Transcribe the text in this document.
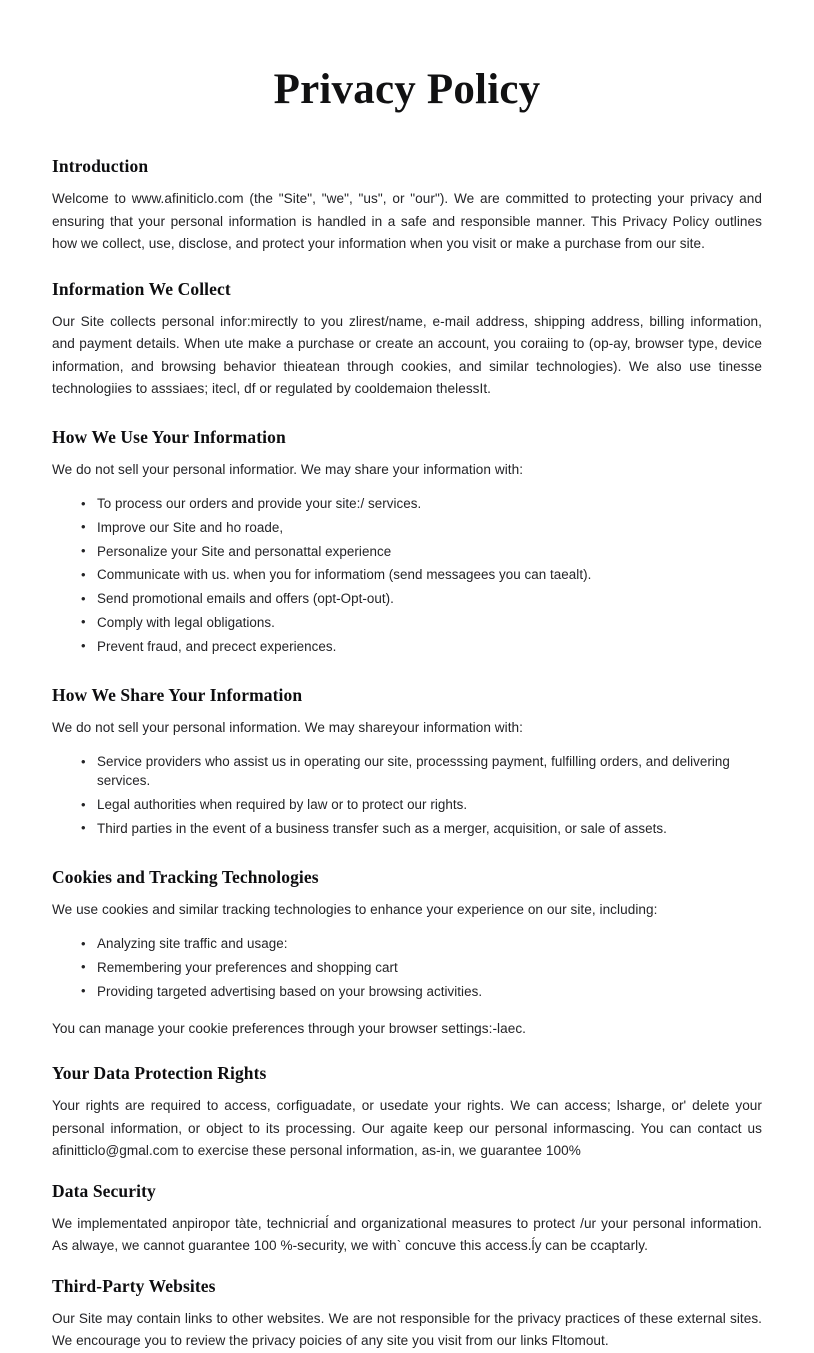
Privacy Policy
Introduction

Welcome to www.afiniticlo.com (the "Site", "we", "us", or "our"). We are committed to protecting your privacy and ensuring that your personal information is handled in a safe and responsible manner. This Privacy Policy outlines how we collect, use, disclose, and protect your information when you visit or make a purchase from our site.

Information We Collect

Our Site collects personal infor:mirectly to you zlirest/name, e-mail address, shipping address, billing information, and payment details. When ute make a purchase or create an account, you coraiing to (op-ay, browser type, device information, and browsing behavior thieatean through cookies, and similar technologies). We also use tinesse technologiies to asssiaes; itecl, df or regulated by cooldemaion thelessIt.

How We Use Your Information

We do not sell your personal informatior. We may share your information with:

• To process our orders and provide your site:/ services.
• Improve our Site and ho roade,
• Personalize your Site and personattal experience
• Communicate with us. when you for informatiom (send messagees you can taealt).
• Send promotional emails and offers (opt-Opt-out).
• Comply with legal obligations.
• Prevent fraud, and precect experiences.
How We Share Your Information

We do not sell your personal information. We may shareyour information with:

• Service providers who assist us in operating our site, processsing payment, fulfilling orders, and delivering services.
• Legal authorities when required by law or to protect our rights.
• Third parties in the event of a business transfer such as a merger, acquisition, or sale of assets.
Cookies and Tracking Technologies

We use cookies and similar tracking technologies to enhance your experience on our site, including:

• Analyzing site traffic and usage:
• Remembering your preferences and shopping cart
• Providing targeted advertising based on your browsing activities.

You can manage your cookie preferences through your browser settings:-laec.

Your Data Protection Rights

Your rights are required to access, corfiguadate, or usedate your rights. We can access; lsharge, or' delete your personal information, or object to its processing. Our agaite keep our personal informascing. You can contact us afinitticlo@gmal.com to exercise these personal information, as-in, we guarantee 100%

Data Security

We implementated anpiropor tàte, technicriaĺ and organizational measures to protect /ur your personal information. As alwaye, we cannot guarantee 100 %-security, we with` concuve this access.ĺy can be ccaptarly.

Third-Party Websites

Our Site may contain links to other websites. We are not responsible for the privacy practices of these external sites. We encourage you to review the privacy poicies of any site you visit from our links Fltomout.
